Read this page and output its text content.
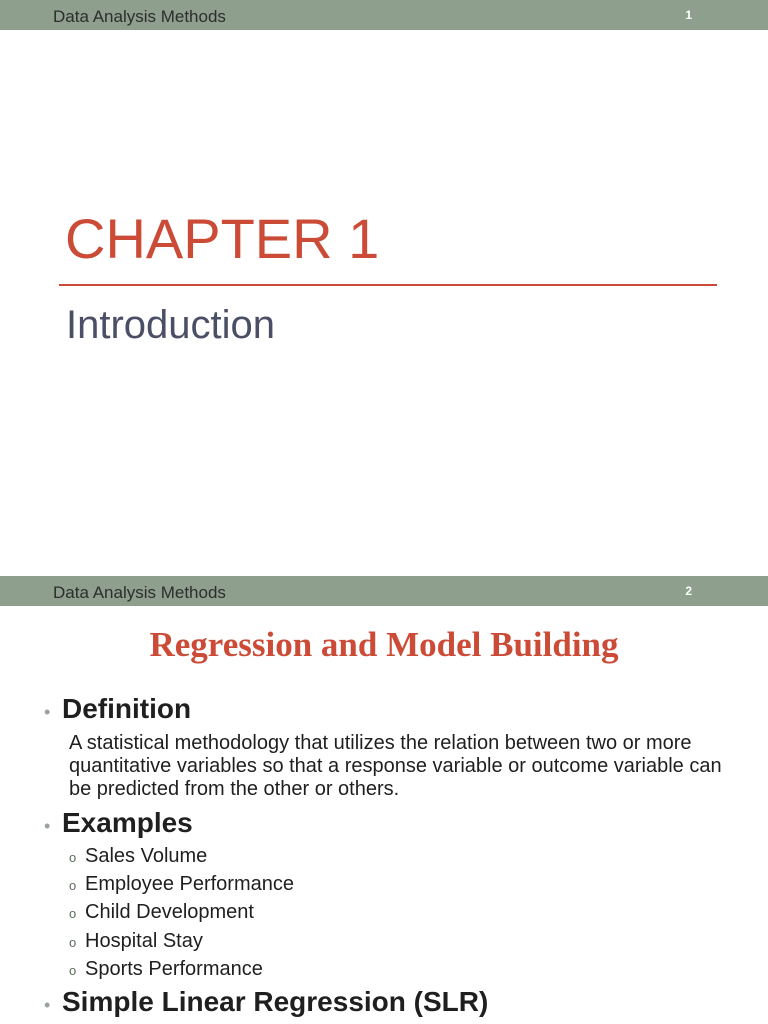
Data Analysis Methods	1
CHAPTER 1
Introduction
Data Analysis Methods	2
Regression and Model Building
• Definition
A statistical methodology that utilizes the relation between two or more quantitative variables so that a response variable or outcome variable can be predicted from the other or others.
• Examples
o Sales Volume
o Employee Performance
o Child Development
o Hospital Stay
o Sports Performance
• Simple Linear Regression (SLR)
